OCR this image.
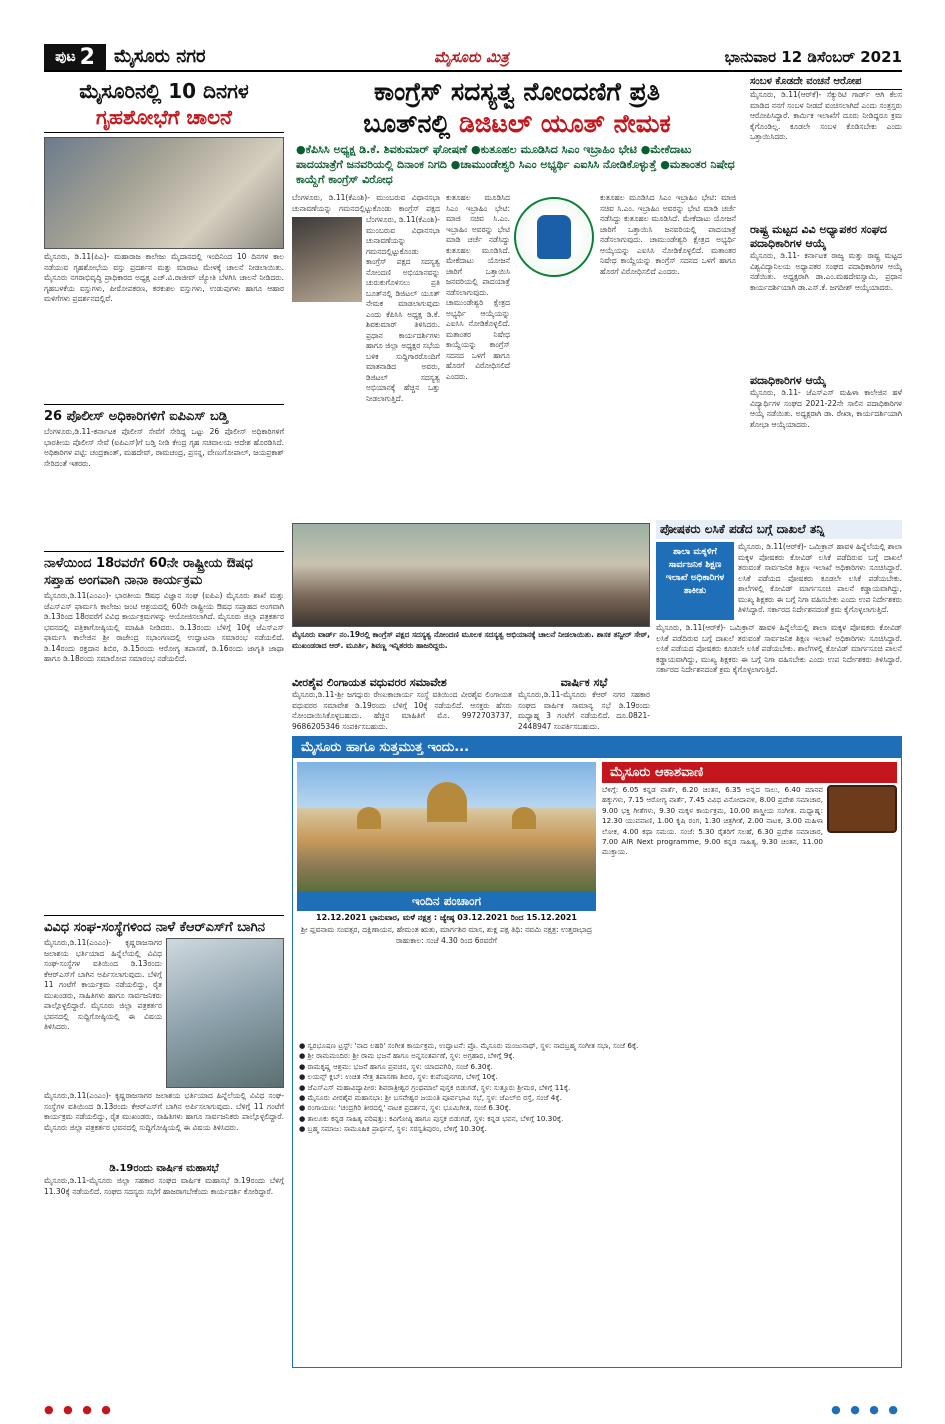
ಪುಟ 2 ಮೈಸೂರು ನಗರ	ಮೈಸೂರು ಮಿತ್ರ	ಭಾನುವಾರ 12 ಡಿಸೆಂಬರ್ 2021
ಮೈಸೂರಿನಲ್ಲಿ 10 ದಿನಗಳ
ಗೃಹಶೋಭೆಗೆ ಚಾಲನೆ

ಮೈಸೂರು, ಡಿ.11(ಪಿಎ)- ಮಹಾರಾಜ ಕಾಲೇಜು ಮೈದಾನದಲ್ಲಿ ಇಂದಿನಿಂದ 10 ದಿನಗಳ ಕಾಲ ನಡೆಯುವ ಗೃಹಶೋಭೆಯ ವಸ್ತು ಪ್ರದರ್ಶನ ಮತ್ತು ಮಾರಾಟ ಮೇಳಕ್ಕೆ ಚಾಲನೆ ನೀಡಲಾಯಿತು. ಮೈಸೂರು ನಗರಾಭಿವೃದ್ಧಿ ಪ್ರಾಧಿಕಾರದ ಅಧ್ಯಕ್ಷ ಎಚ್.ವಿ.ರಾಜೀವ್ ಜ್ಯೋತಿ ಬೆಳಗಿಸಿ ಚಾಲನೆ ನೀಡಿದರು. ಗೃಹಬಳಕೆಯ ವಸ್ತುಗಳು, ಪೀಠೋಪಕರಣ, ಕರಕುಶಲ ವಸ್ತುಗಳು, ಉಡುಪುಗಳು ಹಾಗೂ ಆಹಾರ ಮಳಿಗೆಗಳು ಪ್ರದರ್ಶನದಲ್ಲಿವೆ.

26 ಪೊಲೀಸ್ ಅಧಿಕಾರಿಗಳಿಗೆ ಐಪಿಎಸ್ ಬಡ್ತಿ

ಬೆಂಗಳೂರು,ಡಿ.11-ಕರ್ನಾಟಕ ಪೊಲೀಸ್ ಸೇವೆಗೆ ಸೇರಿದ್ದ ಒಟ್ಟು 26 ಪೊಲೀಸ್ ಅಧಿಕಾರಿಗಳಿಗೆ ಭಾರತೀಯ ಪೊಲೀಸ್ ಸೇವೆ (ಐಪಿಎಸ್)ಗೆ ಬಡ್ತಿ ನೀಡಿ ಕೇಂದ್ರ ಗೃಹ ಸಚಿವಾಲಯ ಆದೇಶ ಹೊರಡಿಸಿದೆ. ಅಧಿಕಾರಿಗಳ ಪಟ್ಟಿ: ಚಂದ್ರಕಾಂತ್, ಮಹದೇವ್, ರಾಮಚಂದ್ರ, ಪ್ರಸನ್ನ, ವೇಣುಗೋಪಾಲ್, ಜಯಪ್ರಕಾಶ್ ಸೇರಿದಂತೆ ಇತರರು.

ನಾಳೆಯಿಂದ 18ರವರೆಗೆ 60ನೇ ರಾಷ್ಟ್ರೀಯ ಔಷಧ ಸಪ್ತಾಹ ಅಂಗವಾಗಿ ನಾನಾ ಕಾರ್ಯಕ್ರಮ

ಮೈಸೂರು,ಡಿ.11(ಎಂಎಂ)- ಭಾರತೀಯ ಔಷಧ ವಿಜ್ಞಾನ ಸಂಘ (ಐಪಿಎ) ಮೈಸೂರು ಶಾಖೆ ಮತ್ತು ಜೆಎಸ್ಎಸ್ ಫಾರ್ಮಸಿ ಕಾಲೇಜು ಜಂಟಿ ಆಶ್ರಯದಲ್ಲಿ 60ನೇ ರಾಷ್ಟ್ರೀಯ ಔಷಧ ಸಪ್ತಾಹದ ಅಂಗವಾಗಿ ಡಿ.13ರಿಂದ 18ರವರೆಗೆ ವಿವಿಧ ಕಾರ್ಯಕ್ರಮಗಳನ್ನು ಆಯೋಜಿಸಲಾಗಿದೆ. ಮೈಸೂರು ಜಿಲ್ಲಾ ಪತ್ರಕರ್ತರ ಭವನದಲ್ಲಿ ಪತ್ರಿಕಾಗೋಷ್ಠಿಯಲ್ಲಿ ಮಾಹಿತಿ ನೀಡಿದರು. ಡಿ.13ರಂದು ಬೆಳಿಗ್ಗೆ 10ಕ್ಕೆ ಜೆಎಸ್ಎಸ್ ಫಾರ್ಮಸಿ ಕಾಲೇಜಿನ ಶ್ರೀ ರಾಜೇಂದ್ರ ಸಭಾಂಗಣದಲ್ಲಿ ಉದ್ಘಾಟನಾ ಸಮಾರಂಭ ನಡೆಯಲಿದೆ. ಡಿ.14ರಂದು ರಕ್ತದಾನ ಶಿಬಿರ, ಡಿ.15ರಂದು ಆರೋಗ್ಯ ತಪಾಸಣೆ, ಡಿ.16ರಂದು ಜಾಗೃತಿ ಜಾಥಾ ಹಾಗೂ ಡಿ.18ರಂದು ಸಮಾರೋಪ ಸಮಾರಂಭ ನಡೆಯಲಿದೆ.

ವಿವಿಧ ಸಂಘ-ಸಂಸ್ಥೆಗಳಿಂದ ನಾಳೆ ಕೆಆರ್‌ಎಸ್‌ಗೆ ಬಾಗಿನ

ಮೈಸೂರು,ಡಿ.11(ಎಂಎಂ)- ಕೃಷ್ಣರಾಜಸಾಗರ ಜಲಾಶಯ ಭರ್ತಿಯಾದ ಹಿನ್ನೆಲೆಯಲ್ಲಿ ವಿವಿಧ ಸಂಘ-ಸಂಸ್ಥೆಗಳ ವತಿಯಿಂದ ಡಿ.13ರಂದು ಕೆಆರ್‌ಎಸ್‌ಗೆ ಬಾಗಿನ ಅರ್ಪಿಸಲಾಗುವುದು. ಬೆಳಿಗ್ಗೆ 11 ಗಂಟೆಗೆ ಕಾರ್ಯಕ್ರಮ ನಡೆಯಲಿದ್ದು, ರೈತ ಮುಖಂಡರು, ಸಾಹಿತಿಗಳು ಹಾಗೂ ಸಾರ್ವಜನಿಕರು ಪಾಲ್ಗೊಳ್ಳಲಿದ್ದಾರೆ. ಮೈಸೂರು ಜಿಲ್ಲಾ ಪತ್ರಕರ್ತರ ಭವನದಲ್ಲಿ ಸುದ್ದಿಗೋಷ್ಠಿಯಲ್ಲಿ ಈ ವಿಷಯ ತಿಳಿಸಿದರು.

ಮೈಸೂರು,ಡಿ.11(ಎಂಎಂ)- ಕೃಷ್ಣರಾಜಸಾಗರ ಜಲಾಶಯ ಭರ್ತಿಯಾದ ಹಿನ್ನೆಲೆಯಲ್ಲಿ ವಿವಿಧ ಸಂಘ-ಸಂಸ್ಥೆಗಳ ವತಿಯಿಂದ ಡಿ.13ರಂದು ಕೆಆರ್‌ಎಸ್‌ಗೆ ಬಾಗಿನ ಅರ್ಪಿಸಲಾಗುವುದು. ಬೆಳಿಗ್ಗೆ 11 ಗಂಟೆಗೆ ಕಾರ್ಯಕ್ರಮ ನಡೆಯಲಿದ್ದು, ರೈತ ಮುಖಂಡರು, ಸಾಹಿತಿಗಳು ಹಾಗೂ ಸಾರ್ವಜನಿಕರು ಪಾಲ್ಗೊಳ್ಳಲಿದ್ದಾರೆ. ಮೈಸೂರು ಜಿಲ್ಲಾ ಪತ್ರಕರ್ತರ ಭವನದಲ್ಲಿ ಸುದ್ದಿಗೋಷ್ಠಿಯಲ್ಲಿ ಈ ವಿಷಯ ತಿಳಿಸಿದರು.

ಡಿ.19ರಂದು ವಾರ್ಷಿಕ ಮಹಾಸಭೆ

ಮೈಸೂರು,ಡಿ.11-ಮೈಸೂರು ಜಿಲ್ಲಾ ಸಹಕಾರ ಸಂಘದ ವಾರ್ಷಿಕ ಮಹಾಸಭೆ ಡಿ.19ರಂದು ಬೆಳಿಗ್ಗೆ 11.30ಕ್ಕೆ ನಡೆಯಲಿದೆ. ಸಂಘದ ಸದಸ್ಯರು ಸಭೆಗೆ ಹಾಜರಾಗಬೇಕೆಂದು ಕಾರ್ಯದರ್ಶಿ ಕೋರಿದ್ದಾರೆ.

ಕಾಂಗ್ರೆಸ್ ಸದಸ್ಯತ್ವ ನೋಂದಣಿಗೆ ಪ್ರತಿ
ಬೂತ್‌ನಲ್ಲಿ ಡಿಜಿಟಲ್ ಯೂತ್ ನೇಮಕ
●ಕೆಪಿಸಿಸಿ ಅಧ್ಯಕ್ಷ ಡಿ.ಕೆ. ಶಿವಕುಮಾರ್ ಘೋಷಣೆ ●ಕುತೂಹಲ ಮೂಡಿಸಿದ ಸಿಎಂ ಇಬ್ರಾಹಿಂ ಭೇಟಿ ●ಮೇಕೆದಾಟು ಪಾದಯಾತ್ರೆಗೆ ಜನವರಿಯಲ್ಲಿ ದಿನಾಂಕ ನಿಗದಿ ●ಚಾಮುಂಡೇಶ್ವರಿ ಸಿಎಂ ಅಭ್ಯರ್ಥಿ ಎಐಸಿಸಿ ನೋಡಿಕೊಳ್ಳುತ್ತೆ ●ಮತಾಂತರ ನಿಷೇಧ ಕಾಯ್ದೆಗೆ ಕಾಂಗ್ರೆಸ್ ವಿರೋಧ

ಬೆಂಗಳೂರು, ಡಿ.11(ಕೆಎಂಶಿ)- ಮುಂಬರುವ ವಿಧಾನಸಭಾ ಚುನಾವಣೆಯನ್ನು ಗಮನದಲ್ಲಿಟ್ಟುಕೊಂಡು ಕಾಂಗ್ರೆಸ್ ಪಕ್ಷದ

ಬೆಂಗಳೂರು, ಡಿ.11(ಕೆಎಂಶಿ)- ಮುಂಬರುವ ವಿಧಾನಸಭಾ ಚುನಾವಣೆಯನ್ನು ಗಮನದಲ್ಲಿಟ್ಟುಕೊಂಡು ಕಾಂಗ್ರೆಸ್ ಪಕ್ಷದ ಸದಸ್ಯತ್ವ ನೋಂದಣಿ ಅಭಿಯಾನವನ್ನು ಚುರುಕುಗೊಳಿಸಲು ಪ್ರತಿ ಬೂತ್‌ನಲ್ಲಿ ಡಿಜಿಟಲ್ ಯೂತ್ ನೇಮಕ ಮಾಡಲಾಗುವುದು ಎಂದು ಕೆಪಿಸಿಸಿ ಅಧ್ಯಕ್ಷ ಡಿ.ಕೆ. ಶಿವಕುಮಾರ್ ತಿಳಿಸಿದರು. ಪ್ರಧಾನ ಕಾರ್ಯದರ್ಶಿಗಳು ಹಾಗೂ ಜಿಲ್ಲಾ ಅಧ್ಯಕ್ಷರ ಸಭೆಯ ಬಳಿಕ ಸುದ್ದಿಗಾರರೊಂದಿಗೆ ಮಾತನಾಡಿದ ಅವರು, ಡಿಜಿಟಲ್ ಸದಸ್ಯತ್ವ ಅಭಿಯಾನಕ್ಕೆ ಹೆಚ್ಚಿನ ಒತ್ತು ನೀಡಲಾಗುತ್ತಿದೆ.

ಕುತೂಹಲ ಮೂಡಿಸಿದ ಸಿಎಂ ಇಬ್ರಾಹಿಂ ಭೇಟಿ: ಮಾಜಿ ಸಚಿವ ಸಿ.ಎಂ. ಇಬ್ರಾಹಿಂ ಅವರನ್ನು ಭೇಟಿ ಮಾಡಿ ಚರ್ಚೆ ನಡೆಸಿದ್ದು ಕುತೂಹಲ ಮೂಡಿಸಿದೆ. ಮೇಕೆದಾಟು ಯೋಜನೆ ಜಾರಿಗೆ ಒತ್ತಾಯಿಸಿ ಜನವರಿಯಲ್ಲಿ ಪಾದಯಾತ್ರೆ ನಡೆಸಲಾಗುವುದು. ಚಾಮುಂಡೇಶ್ವರಿ ಕ್ಷೇತ್ರದ ಅಭ್ಯರ್ಥಿ ಆಯ್ಕೆಯನ್ನು ಎಐಸಿಸಿ ನೋಡಿಕೊಳ್ಳಲಿದೆ. ಮತಾಂತರ ನಿಷೇಧ ಕಾಯ್ದೆಯನ್ನು ಕಾಂಗ್ರೆಸ್ ಸದನದ ಒಳಗೆ ಹಾಗೂ ಹೊರಗೆ ವಿರೋಧಿಸಲಿದೆ ಎಂದರು.

ಕುತೂಹಲ ಮೂಡಿಸಿದ ಸಿಎಂ ಇಬ್ರಾಹಿಂ ಭೇಟಿ: ಮಾಜಿ ಸಚಿವ ಸಿ.ಎಂ. ಇಬ್ರಾಹಿಂ ಅವರನ್ನು ಭೇಟಿ ಮಾಡಿ ಚರ್ಚೆ ನಡೆಸಿದ್ದು ಕುತೂಹಲ ಮೂಡಿಸಿದೆ. ಮೇಕೆದಾಟು ಯೋಜನೆ ಜಾರಿಗೆ ಒತ್ತಾಯಿಸಿ ಜನವರಿಯಲ್ಲಿ ಪಾದಯಾತ್ರೆ ನಡೆಸಲಾಗುವುದು. ಚಾಮುಂಡೇಶ್ವರಿ ಕ್ಷೇತ್ರದ ಅಭ್ಯರ್ಥಿ ಆಯ್ಕೆಯನ್ನು ಎಐಸಿಸಿ ನೋಡಿಕೊಳ್ಳಲಿದೆ. ಮತಾಂತರ ನಿಷೇಧ ಕಾಯ್ದೆಯನ್ನು ಕಾಂಗ್ರೆಸ್ ಸದನದ ಒಳಗೆ ಹಾಗೂ ಹೊರಗೆ ವಿರೋಧಿಸಲಿದೆ ಎಂದರು.

ಸಂಬಳ ಕೊಡದೇ ವಂಚನೆ ಆರೋಪ

ಮೈಸೂರು, ಡಿ.11(ಆರ್‌ಕೆ)- ಸೆಕ್ಯುರಿಟಿ ಗಾರ್ಡ್ ಆಗಿ ಕೆಲಸ ಮಾಡಿದ ನನಗೆ ಸಂಬಳ ನೀಡದೆ ವಂಚಿಸಲಾಗಿದೆ ಎಂದು ಸಂತ್ರಸ್ತರು ಆರೋಪಿಸಿದ್ದಾರೆ. ಕಾರ್ಮಿಕ ಇಲಾಖೆಗೆ ದೂರು ನೀಡಿದ್ದರೂ ಕ್ರಮ ಕೈಗೊಂಡಿಲ್ಲ. ಕೂಡಲೇ ಸಂಬಳ ಕೊಡಿಸಬೇಕು ಎಂದು ಒತ್ತಾಯಿಸಿದರು.

ರಾಷ್ಟ್ರ ಮಟ್ಟದ ವಿವಿ ಅಧ್ಯಾಪಕರ ಸಂಘದ ಪದಾಧಿಕಾರಿಗಳ ಆಯ್ಕೆ

ಮೈಸೂರು, ಡಿ.11- ಕರ್ನಾಟಕ ರಾಜ್ಯ ಮತ್ತು ರಾಷ್ಟ್ರ ಮಟ್ಟದ ವಿಶ್ವವಿದ್ಯಾನಿಲಯ ಅಧ್ಯಾಪಕರ ಸಂಘದ ಪದಾಧಿಕಾರಿಗಳ ಆಯ್ಕೆ ನಡೆಯಿತು. ಅಧ್ಯಕ್ಷರಾಗಿ ಡಾ.ಎಂ.ಮಹದೇವಸ್ವಾಮಿ, ಪ್ರಧಾನ ಕಾರ್ಯದರ್ಶಿಯಾಗಿ ಡಾ.ಎಸ್.ಕೆ. ಜಗದೀಶ್ ಆಯ್ಕೆಯಾದರು.

ಪದಾಧಿಕಾರಿಗಳ ಆಯ್ಕೆ

ಮೈಸೂರು, ಡಿ.11- ಜೆಎಸ್ಎಸ್ ಮಹಿಳಾ ಕಾಲೇಜಿನ ಹಳೆ ವಿದ್ಯಾರ್ಥಿಗಳ ಸಂಘದ 2021-22ನೇ ಸಾಲಿನ ಪದಾಧಿಕಾರಿಗಳ ಆಯ್ಕೆ ನಡೆಯಿತು. ಅಧ್ಯಕ್ಷರಾಗಿ ಡಾ. ರೇಖಾ, ಕಾರ್ಯದರ್ಶಿಯಾಗಿ ಶೋಭಾ ಆಯ್ಕೆಯಾದರು.

ಮೈಸೂರು ವಾರ್ಡ್ ನಂ.19ರಲ್ಲಿ ಕಾಂಗ್ರೆಸ್ ಪಕ್ಷದ ಸದಸ್ಯತ್ವ ನೋಂದಣಿ ಮೂಲಕ ಸದಸ್ಯತ್ವ ಅಭಿಯಾನಕ್ಕೆ ಚಾಲನೆ ನೀಡಲಾಯಿತು. ಶಾಸಕ ತನ್ವೀರ್ ಸೇಠ್, ಮುಖಂಡರಾದ ಆರ್. ಮೂರ್ತಿ, ಶಿವಣ್ಣ ಇನ್ನಿತರರು ಹಾಜರಿದ್ದರು.
ವೀರಶೈವ ಲಿಂಗಾಯತ ವಧುವರರ ಸಮಾವೇಶ

ಮೈಸೂರು,ಡಿ.11-ಶ್ರೀ ಜಗದ್ಗುರು ರೇಣುಕಾಚಾರ್ಯ ಸಂಸ್ಥೆ ವತಿಯಿಂದ ವೀರಶೈವ ಲಿಂಗಾಯತ ವಧುವರರ ಸಮಾವೇಶ ಡಿ.19ರಂದು ಬೆಳಿಗ್ಗೆ 10ಕ್ಕೆ ನಡೆಯಲಿದೆ. ಆಸಕ್ತರು ಹೆಸರು ನೋಂದಾಯಿಸಿಕೊಳ್ಳಬಹುದು. ಹೆಚ್ಚಿನ ಮಾಹಿತಿಗೆ ಮೊ. 9972703737, 9686205346 ಸಂಪರ್ಕಿಸಬಹುದು.

ವಾರ್ಷಿಕ ಸಭೆ

ಮೈಸೂರು,ಡಿ.11-ಮೈಸೂರು ಕೆಆರ್ ನಗರ ಸಹಕಾರ ಸಂಘದ ವಾರ್ಷಿಕ ಸಾಮಾನ್ಯ ಸಭೆ ಡಿ.19ರಂದು ಮಧ್ಯಾಹ್ನ 3 ಗಂಟೆಗೆ ನಡೆಯಲಿದೆ. ದೂ.0821-2448947 ಸಂಪರ್ಕಿಸಬಹುದು.

ಪೋಷಕರು ಲಸಿಕೆ ಪಡೆದ ಬಗ್ಗೆ ದಾಖಲೆ ತನ್ನಿ
ಶಾಲಾ ಮಕ್ಕಳಿಗೆ ಸಾರ್ವಜನಿಕ ಶಿಕ್ಷಣ ಇಲಾಖೆ ಅಧಿಕಾರಿಗಳ ತಾಕೀತು

ಮೈಸೂರು, ಡಿ.11(ಆರ್‌ಕೆ)- ಒಮಿಕ್ರಾನ್ ಹಾವಳಿ ಹಿನ್ನೆಲೆಯಲ್ಲಿ ಶಾಲಾ ಮಕ್ಕಳ ಪೋಷಕರು ಕೋವಿಡ್ ಲಸಿಕೆ ಪಡೆದಿರುವ ಬಗ್ಗೆ ದಾಖಲೆ ತರುವಂತೆ ಸಾರ್ವಜನಿಕ ಶಿಕ್ಷಣ ಇಲಾಖೆ ಅಧಿಕಾರಿಗಳು ಸೂಚಿಸಿದ್ದಾರೆ. ಲಸಿಕೆ ಪಡೆಯದ ಪೋಷಕರು ಕೂಡಲೇ ಲಸಿಕೆ ಪಡೆಯಬೇಕು. ಶಾಲೆಗಳಲ್ಲಿ ಕೋವಿಡ್ ಮಾರ್ಗಸೂಚಿ ಪಾಲನೆ ಕಡ್ಡಾಯವಾಗಿದ್ದು, ಮುಖ್ಯ ಶಿಕ್ಷಕರು ಈ ಬಗ್ಗೆ ನಿಗಾ ವಹಿಸಬೇಕು ಎಂದು ಉಪ ನಿರ್ದೇಶಕರು ತಿಳಿಸಿದ್ದಾರೆ. ಸರ್ಕಾರದ ನಿರ್ದೇಶನದಂತೆ ಕ್ರಮ ಕೈಗೊಳ್ಳಲಾಗುತ್ತಿದೆ.

ಮೈಸೂರು, ಡಿ.11(ಆರ್‌ಕೆ)- ಒಮಿಕ್ರಾನ್ ಹಾವಳಿ ಹಿನ್ನೆಲೆಯಲ್ಲಿ ಶಾಲಾ ಮಕ್ಕಳ ಪೋಷಕರು ಕೋವಿಡ್ ಲಸಿಕೆ ಪಡೆದಿರುವ ಬಗ್ಗೆ ದಾಖಲೆ ತರುವಂತೆ ಸಾರ್ವಜನಿಕ ಶಿಕ್ಷಣ ಇಲಾಖೆ ಅಧಿಕಾರಿಗಳು ಸೂಚಿಸಿದ್ದಾರೆ. ಲಸಿಕೆ ಪಡೆಯದ ಪೋಷಕರು ಕೂಡಲೇ ಲಸಿಕೆ ಪಡೆಯಬೇಕು. ಶಾಲೆಗಳಲ್ಲಿ ಕೋವಿಡ್ ಮಾರ್ಗಸೂಚಿ ಪಾಲನೆ ಕಡ್ಡಾಯವಾಗಿದ್ದು, ಮುಖ್ಯ ಶಿಕ್ಷಕರು ಈ ಬಗ್ಗೆ ನಿಗಾ ವಹಿಸಬೇಕು ಎಂದು ಉಪ ನಿರ್ದೇಶಕರು ತಿಳಿಸಿದ್ದಾರೆ. ಸರ್ಕಾರದ ನಿರ್ದೇಶನದಂತೆ ಕ್ರಮ ಕೈಗೊಳ್ಳಲಾಗುತ್ತಿದೆ.

ಮೈಸೂರು ಹಾಗೂ ಸುತ್ತಮುತ್ತ ಇಂದು...
ಇಂದಿನ ಪಂಚಾಂಗ
12.12.2021 ಭಾನುವಾರ, ಮಳೆ ನಕ್ಷತ್ರ : ಜ್ಯೇಷ್ಠ 03.12.2021 ರಿಂದ 15.12.2021
ಶ್ರೀ ಪ್ಲವನಾಮ ಸಂವತ್ಸರ, ದಕ್ಷಿಣಾಯನ, ಹೇಮಂತ ಋತು, ಮಾರ್ಗಶಿರ ಮಾಸ, ಶುಕ್ಲ ಪಕ್ಷ ತಿಥಿ: ನವಮಿ ನಕ್ಷತ್ರ: ಉತ್ತರಾಭಾದ್ರ ರಾಹುಕಾಲ: ಸಂಜೆ 4.30 ರಿಂದ 6ರವರೆಗೆ
ಮೈಸೂರು ಆಕಾಶವಾಣಿ
ಬೆಳಿಗ್ಗೆ: 6.05 ಕನ್ನಡ ವಾರ್ತೆ, 6.20 ಚಿಂತನ, 6.35 ಅನ್ನದ ಸಾಲು, 6.40 ಮಾನವ ಹಕ್ಕುಗಳು, 7.15 ಆರೋಗ್ಯ ವಾರ್ತೆ, 7.45 ವಿವಿಧ ವಿನೋದಾವಳಿ, 8.00 ಪ್ರದೇಶ ಸಮಾಚಾರ, 9.00 ಭಕ್ತಿ ಗೀತೆಗಳು, 9.30 ಮಕ್ಕಳ ಕಾರ್ಯಕ್ರಮ, 10.00 ಶಾಸ್ತ್ರೀಯ ಸಂಗೀತ. ಮಧ್ಯಾಹ್ನ: 12.30 ಯುವವಾಣಿ, 1.00 ಕೃಷಿ ರಂಗ, 1.30 ಚಿತ್ರಗೀತೆ, 2.00 ನಾಟಕ, 3.00 ಮಹಿಳಾ ಲೋಕ, 4.00 ಕಥಾ ಸಮಯ. ಸಂಜೆ: 5.30 ರೈತರಿಗೆ ಸಲಹೆ, 6.30 ಪ್ರದೇಶ ಸಮಾಚಾರ, 7.00 AIR Next programme, 9.00 ಕನ್ನಡ ಸಾಹಿತ್ಯ, 9.30 ಚಿಂತನ, 11.00 ಮುಕ್ತಾಯ.
● ಸ್ವರಭೂಷಣ ಟ್ರಸ್ಟ್: 'ನಾದ ಲಹರಿ' ಸಂಗೀತ ಕಾರ್ಯಕ್ರಮ, ಉದ್ಘಾಟನೆ: ಪ್ರೊ. ಮೈಸೂರು ಮಂಜುನಾಥ್, ಸ್ಥಳ: ನಾದಬ್ರಹ್ಮ ಸಂಗೀತ ಸಭಾ, ಸಂಜೆ 6ಕ್ಕೆ.
● ಶ್ರೀ ರಾಮಮಂದಿರ: ಶ್ರೀ ರಾಮ ಭಜನೆ ಹಾಗೂ ಅನ್ನಸಂತರ್ಪಣೆ, ಸ್ಥಳ: ಅಗ್ರಹಾರ, ಬೆಳಿಗ್ಗೆ 9ಕ್ಕೆ.
● ರಾಮಕೃಷ್ಣ ಆಶ್ರಮ: ಭಜನೆ ಹಾಗೂ ಪ್ರವಚನ, ಸ್ಥಳ: ಯಾದವಗಿರಿ, ಸಂಜೆ 6.30ಕ್ಕೆ.
● ಲಯನ್ಸ್ ಕ್ಲಬ್: ಉಚಿತ ನೇತ್ರ ತಪಾಸಣಾ ಶಿಬಿರ, ಸ್ಥಳ: ಕುವೆಂಪುನಗರ, ಬೆಳಿಗ್ಗೆ 10ಕ್ಕೆ.
● ಜೆಎಸ್ಎಸ್ ಮಹಾವಿದ್ಯಾಪೀಠ: ಶಿವರಾತ್ರೀಶ್ವರ ಗ್ರಂಥಮಾಲೆ ಪುಸ್ತಕ ಬಿಡುಗಡೆ, ಸ್ಥಳ: ಸುತ್ತೂರು ಶ್ರೀಮಠ, ಬೆಳಿಗ್ಗೆ 11ಕ್ಕೆ.
● ಮೈಸೂರು ವೀರಶೈವ ಮಹಾಸಭಾ: ಶ್ರೀ ಬಸವೇಶ್ವರ ಜಯಂತಿ ಪೂರ್ವಭಾವಿ ಸಭೆ, ಸ್ಥಳ: ಜೆಎಲ್‌ಬಿ ರಸ್ತೆ, ಸಂಜೆ 4ಕ್ಕೆ.
● ರಂಗಾಯಣ: 'ಚಂದ್ರಗಿರಿ ತೀರದಲ್ಲಿ' ನಾಟಕ ಪ್ರದರ್ಶನ, ಸ್ಥಳ: ಭೂಮಿಗೀತ, ಸಂಜೆ 6.30ಕ್ಕೆ.
● ತಾಲೂಕು ಕನ್ನಡ ಸಾಹಿತ್ಯ ಪರಿಷತ್ತು: ಕವಿಗೋಷ್ಠಿ ಹಾಗೂ ಪುಸ್ತಕ ಬಿಡುಗಡೆ, ಸ್ಥಳ: ಕನ್ನಡ ಭವನ, ಬೆಳಿಗ್ಗೆ 10.30ಕ್ಕೆ.
● ಬ್ರಹ್ಮ ಸಮಾಜ: ಸಾಮೂಹಿಕ ಪ್ರಾರ್ಥನೆ, ಸ್ಥಳ: ಸರಸ್ವತಿಪುರಂ, ಬೆಳಿಗ್ಗೆ 10.30ಕ್ಕೆ.
● ● ● ●	● ● ● ●
